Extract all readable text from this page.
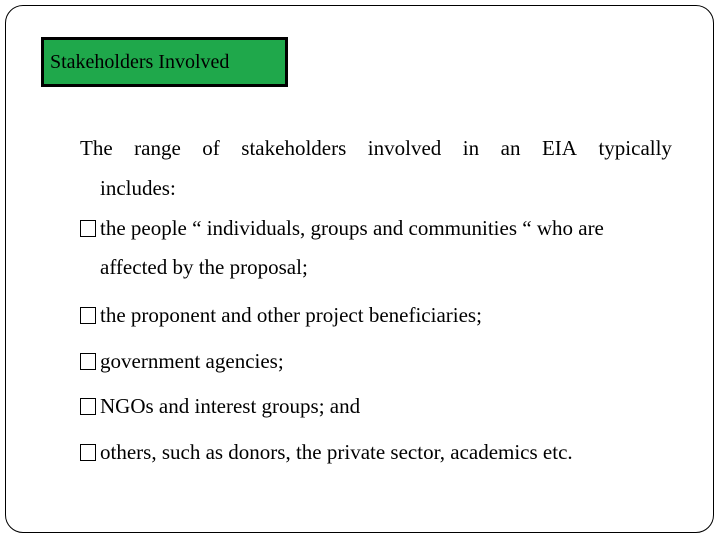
Stakeholders Involved
The range of stakeholders involved in an EIA typically
includes:
the people “ individuals, groups and communities “ who are
affected by the proposal;
the proponent and other project beneficiaries;
government agencies;
NGOs and interest groups; and
others, such as donors, the private sector, academics etc.
